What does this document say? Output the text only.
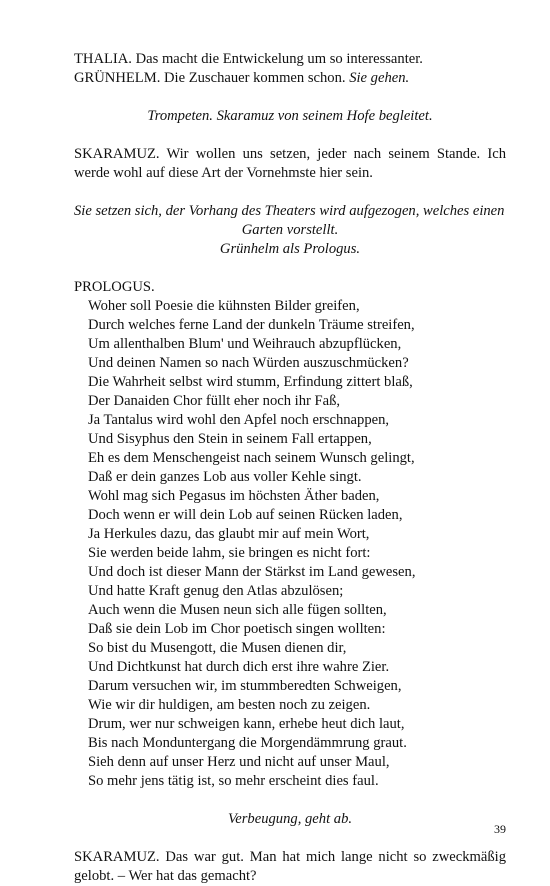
THALIA. Das macht die Entwickelung um so interessanter.

GRÜNHELM. Die Zuschauer kommen schon. Sie gehen.

Trompeten. Skaramuz von seinem Hofe begleitet.

SKARAMUZ. Wir wollen uns setzen, jeder nach seinem Stande. Ich werde wohl auf diese Art der Vornehmste hier sein.

Sie setzen sich, der Vorhang des Theaters wird aufgezogen, welches einen

Garten vorstellt.

Grünhelm als Prologus.

PROLOGUS.

Woher soll Poesie die kühnsten Bilder greifen,
Durch welches ferne Land der dunkeln Träume streifen,
Um allenthalben Blum' und Weihrauch abzupflücken,
Und deinen Namen so nach Würden auszuschmücken?
Die Wahrheit selbst wird stumm, Erfindung zittert blaß,
Der Danaiden Chor füllt eher noch ihr Faß,
Ja Tantalus wird wohl den Apfel noch erschnappen,
Und Sisyphus den Stein in seinem Fall ertappen,
Eh es dem Menschengeist nach seinem Wunsch gelingt,
Daß er dein ganzes Lob aus voller Kehle singt.
Wohl mag sich Pegasus im höchsten Äther baden,
Doch wenn er will dein Lob auf seinen Rücken laden,
Ja Herkules dazu, das glaubt mir auf mein Wort,
Sie werden beide lahm, sie bringen es nicht fort:
Und doch ist dieser Mann der Stärkst im Land gewesen,
Und hatte Kraft genug den Atlas abzulösen;
Auch wenn die Musen neun sich alle fügen sollten,
Daß sie dein Lob im Chor poetisch singen wollten:
So bist du Musengott, die Musen dienen dir,
Und Dichtkunst hat durch dich erst ihre wahre Zier.
Darum versuchen wir, im stummberedten Schweigen,
Wie wir dir huldigen, am besten noch zu zeigen.
Drum, wer nur schweigen kann, erhebe heut dich laut,
Bis nach Monduntergang die Morgendämmrung graut.
Sieh denn auf unser Herz und nicht auf unser Maul,
So mehr jens tätig ist, so mehr erscheint dies faul.

Verbeugung, geht ab.

SKARAMUZ. Das war gut. Man hat mich lange nicht so zweckmäßig gelobt. – Wer hat das gemacht?

39
